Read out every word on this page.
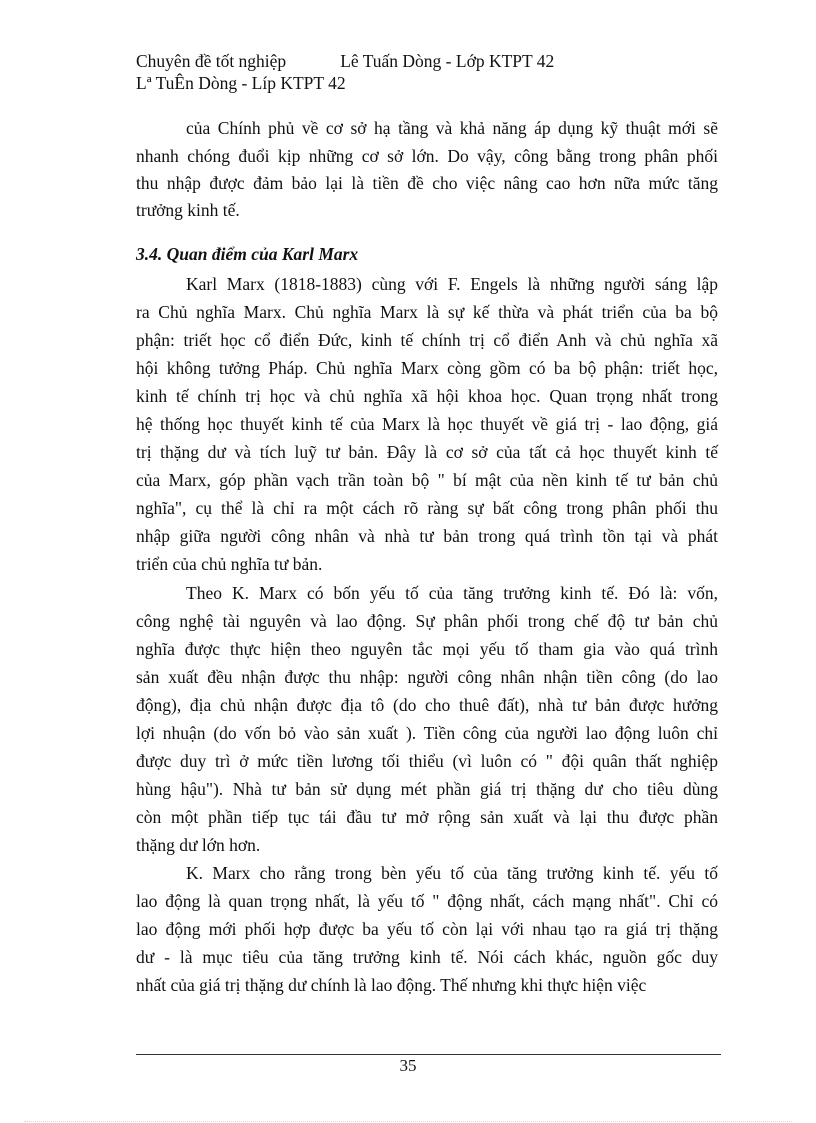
Chuyên đề tốt nghiệp	Lê Tuấn Dòng - Lớp KTPT 42
Lª TuÊn Dòng - Líp KTPT 42
của Chính phủ về cơ sở hạ tầng và khả năng áp dụng kỹ thuật mới sẽ
nhanh chóng đuổi kịp những cơ sở lớn. Do vậy, công bằng trong phân phối
thu nhập được đảm bảo lại là tiền đề cho việc nâng cao hơn nữa mức tăng
trưởng kinh tế.
3.4. Quan điểm của Karl Marx
Karl Marx (1818-1883) cùng với F. Engels là những người sáng lập
ra Chủ nghĩa Marx. Chủ nghĩa Marx là sự kế thừa và phát triển của ba bộ
phận: triết học cổ điển Đức, kinh tế chính trị cổ điển Anh và chủ nghĩa xã
hội không tưởng Pháp. Chủ nghĩa Marx còng gồm có ba bộ phận: triết học,
kinh tế chính trị học và chủ nghĩa xã hội khoa học. Quan trọng nhất trong
hệ thống học thuyết kinh tế của Marx là học thuyết về giá trị - lao động, giá
trị thặng dư và tích luỹ tư bản. Đây là cơ sở của tất cả học thuyết kinh tế
của Marx, góp phần vạch trần toàn bộ " bí mật của nền kinh tế tư bản chủ
nghĩa", cụ thể là chỉ ra một cách rõ ràng sự bất công trong phân phối thu
nhập giữa người công nhân và nhà tư bản trong quá trình tồn tại và phát
triển của chủ nghĩa tư bản.
Theo K. Marx có bốn yếu tố của tăng trưởng kinh tế. Đó là: vốn,
công nghệ tài nguyên và lao động. Sự phân phối trong chế độ tư bản chủ
nghĩa được thực hiện theo nguyên tắc mọi yếu tố tham gia vào quá trình
sản xuất đều nhận được thu nhập: người công nhân nhận tiền công (do lao
động), địa chủ nhận được địa tô (do cho thuê đất), nhà tư bản được hưởng
lợi nhuận (do vốn bỏ vào sản xuất ). Tiền công của người lao động luôn chỉ
được duy trì ở mức tiền lương tối thiểu (vì luôn có " đội quân thất nghiệp
hùng hậu"). Nhà tư bản sử dụng mét phần giá trị thặng dư cho tiêu dùng
còn một phần tiếp tục tái đầu tư mở rộng sản xuất và lại thu được phần
thặng dư lớn hơn.
K. Marx cho rằng trong bèn yếu tố của tăng trưởng kinh tế. yếu tố
lao động là quan trọng nhất, là yếu tố " động nhất, cách mạng nhất". Chỉ có
lao động mới phối hợp được ba yếu tố còn lại với nhau tạo ra giá trị thặng
dư - là mục tiêu của tăng trưởng kinh tế. Nói cách khác, nguồn gốc duy
nhất của giá trị thặng dư chính là lao động. Thế nhưng khi thực hiện việc
35
